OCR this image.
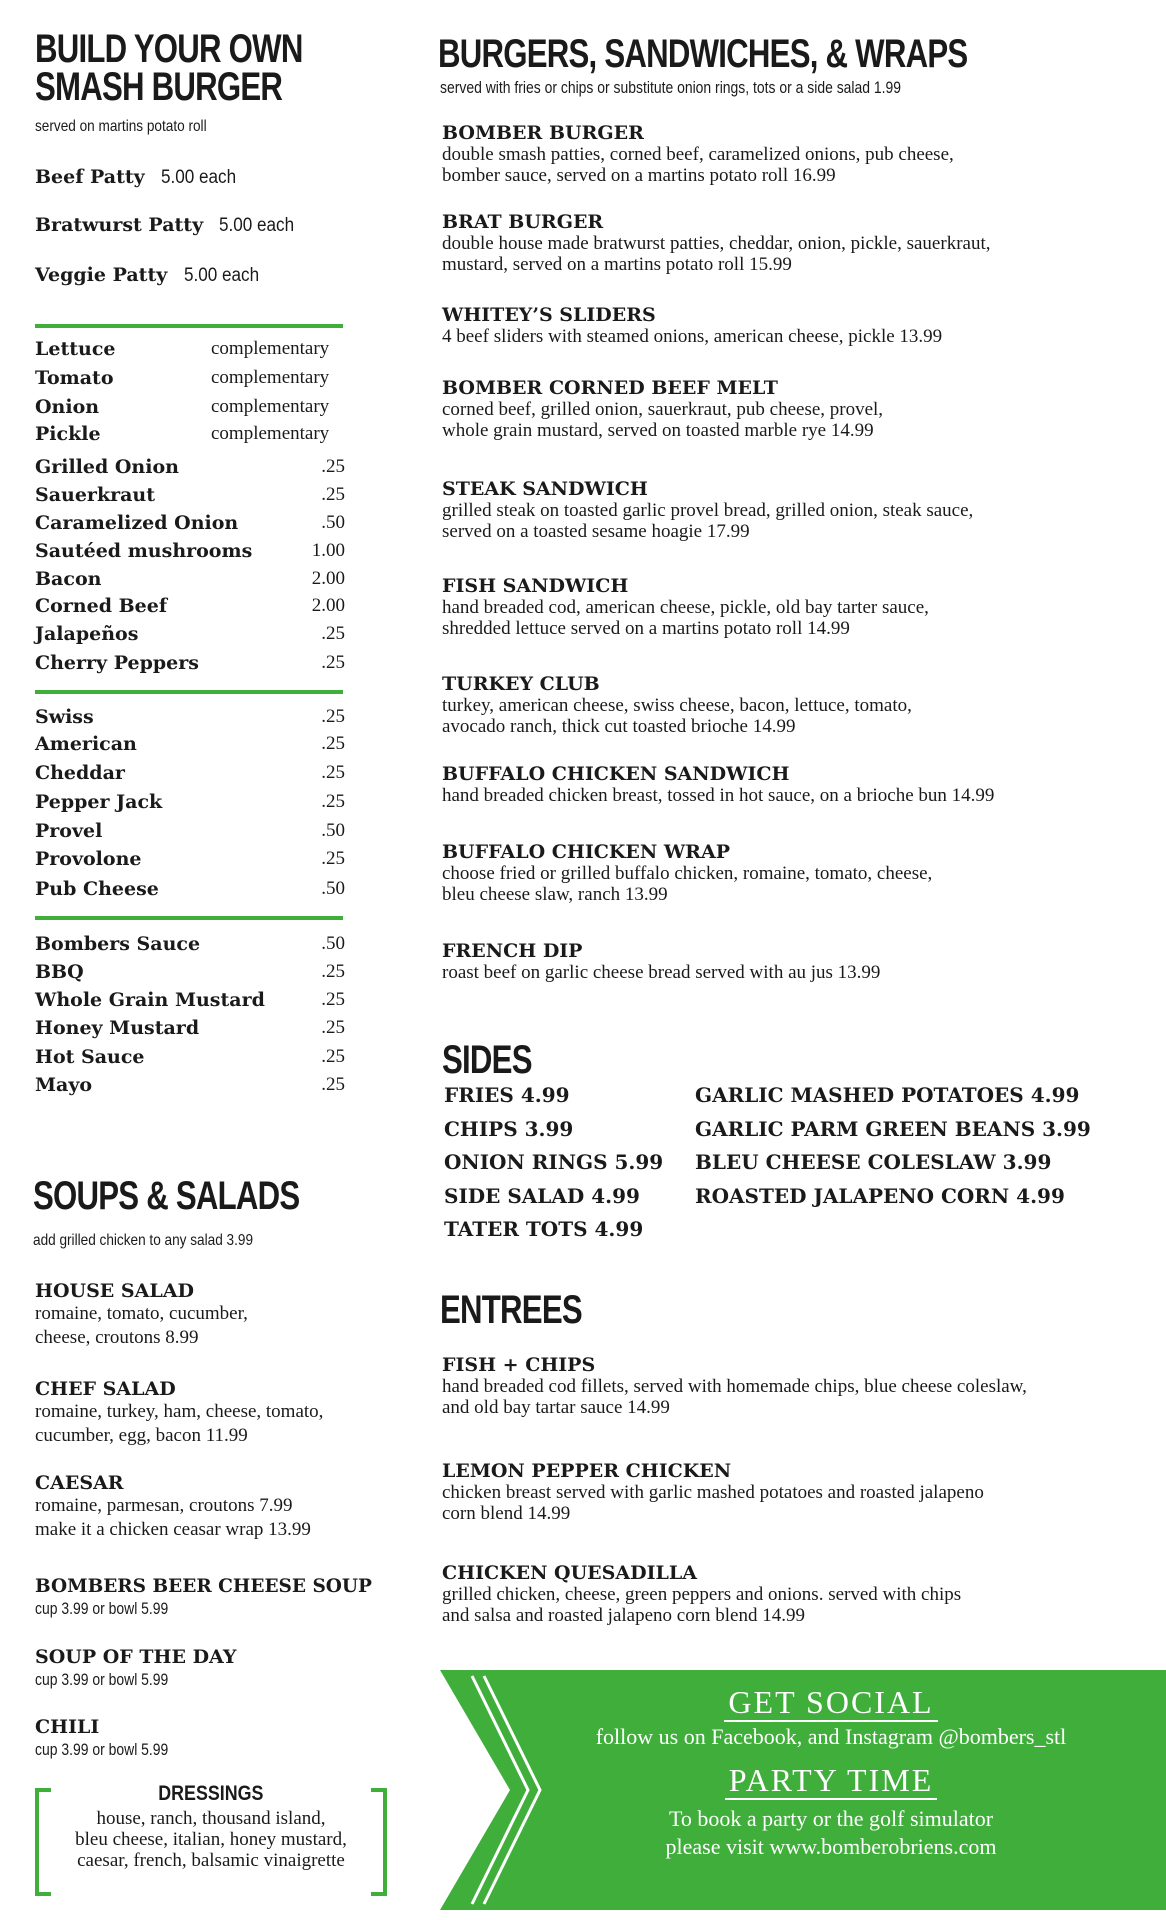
BUILD YOUR OWN
SMASH BURGER
served on martins potato roll
Beef Patty 5.00 each
Bratwurst Patty 5.00 each
Veggie Patty 5.00 each
Lettuce	complementary
Tomato	complementary
Onion	complementary
Pickle	complementary
Grilled Onion	.25
Sauerkraut	.25
Caramelized Onion	.50
Sautéed mushrooms	1.00
Bacon	2.00
Corned Beef	2.00
Jalapeños	.25
Cherry Peppers	.25
Swiss	.25
American	.25
Cheddar	.25
Pepper Jack	.25
Provel	.50
Provolone	.25
Pub Cheese	.50
Bombers Sauce	.50
BBQ	.25
Whole Grain Mustard	.25
Honey Mustard	.25
Hot Sauce	.25
Mayo	.25
SOUPS & SALADS
add grilled chicken to any salad 3.99
HOUSE SALAD
romaine, tomato, cucumber,
cheese, croutons 8.99
CHEF SALAD
romaine, turkey, ham, cheese, tomato,
cucumber, egg, bacon 11.99
CAESAR
romaine, parmesan, croutons 7.99
make it a chicken ceasar wrap 13.99
BOMBERS BEER CHEESE SOUP
cup 3.99 or bowl 5.99
SOUP OF THE DAY
cup 3.99 or bowl 5.99
CHILI
cup 3.99 or bowl 5.99
DRESSINGS
house, ranch, thousand island,
bleu cheese, italian, honey mustard,
caesar, french, balsamic vinaigrette
BURGERS, SANDWICHES, & WRAPS
served with fries or chips or substitute onion rings, tots or a side salad 1.99
BOMBER BURGER
double smash patties, corned beef, caramelized onions, pub cheese,
bomber sauce, served on a martins potato roll 16.99
BRAT BURGER
double house made bratwurst patties, cheddar, onion, pickle, sauerkraut,
mustard, served on a martins potato roll 15.99
WHITEY’S SLIDERS
4 beef sliders with steamed onions, american cheese, pickle 13.99
BOMBER CORNED BEEF MELT
corned beef, grilled onion, sauerkraut, pub cheese, provel,
whole grain mustard, served on toasted marble rye 14.99
STEAK SANDWICH
grilled steak on toasted garlic provel bread, grilled onion, steak sauce,
served on a toasted sesame hoagie 17.99
FISH SANDWICH
hand breaded cod, american cheese, pickle, old bay tarter sauce,
shredded lettuce served on a martins potato roll 14.99
TURKEY CLUB
turkey, american cheese, swiss cheese, bacon, lettuce, tomato,
avocado ranch, thick cut toasted brioche 14.99
BUFFALO CHICKEN SANDWICH
hand breaded chicken breast, tossed in hot sauce, on a brioche bun 14.99
BUFFALO CHICKEN WRAP
choose fried or grilled buffalo chicken, romaine, tomato, cheese,
bleu cheese slaw, ranch 13.99
FRENCH DIP
roast beef on garlic cheese bread served with au jus 13.99
SIDES
FRIES 4.99
CHIPS 3.99
ONION RINGS 5.99
SIDE SALAD 4.99
TATER TOTS 4.99
GARLIC MASHED POTATOES 4.99
GARLIC PARM GREEN BEANS 3.99
BLEU CHEESE COLESLAW 3.99
ROASTED JALAPENO CORN 4.99
ENTREES
FISH + CHIPS
hand breaded cod fillets, served with homemade chips, blue cheese coleslaw,
and old bay tartar sauce 14.99
LEMON PEPPER CHICKEN
chicken breast served with garlic mashed potatoes and roasted jalapeno
corn blend 14.99
CHICKEN QUESADILLA
grilled chicken, cheese, green peppers and onions. served with chips
and salsa and roasted jalapeno corn blend 14.99
GET SOCIAL
follow us on Facebook, and Instagram @bombers_stl
PARTY TIME
To book a party or the golf simulator
please visit www.bomberobriens.com
